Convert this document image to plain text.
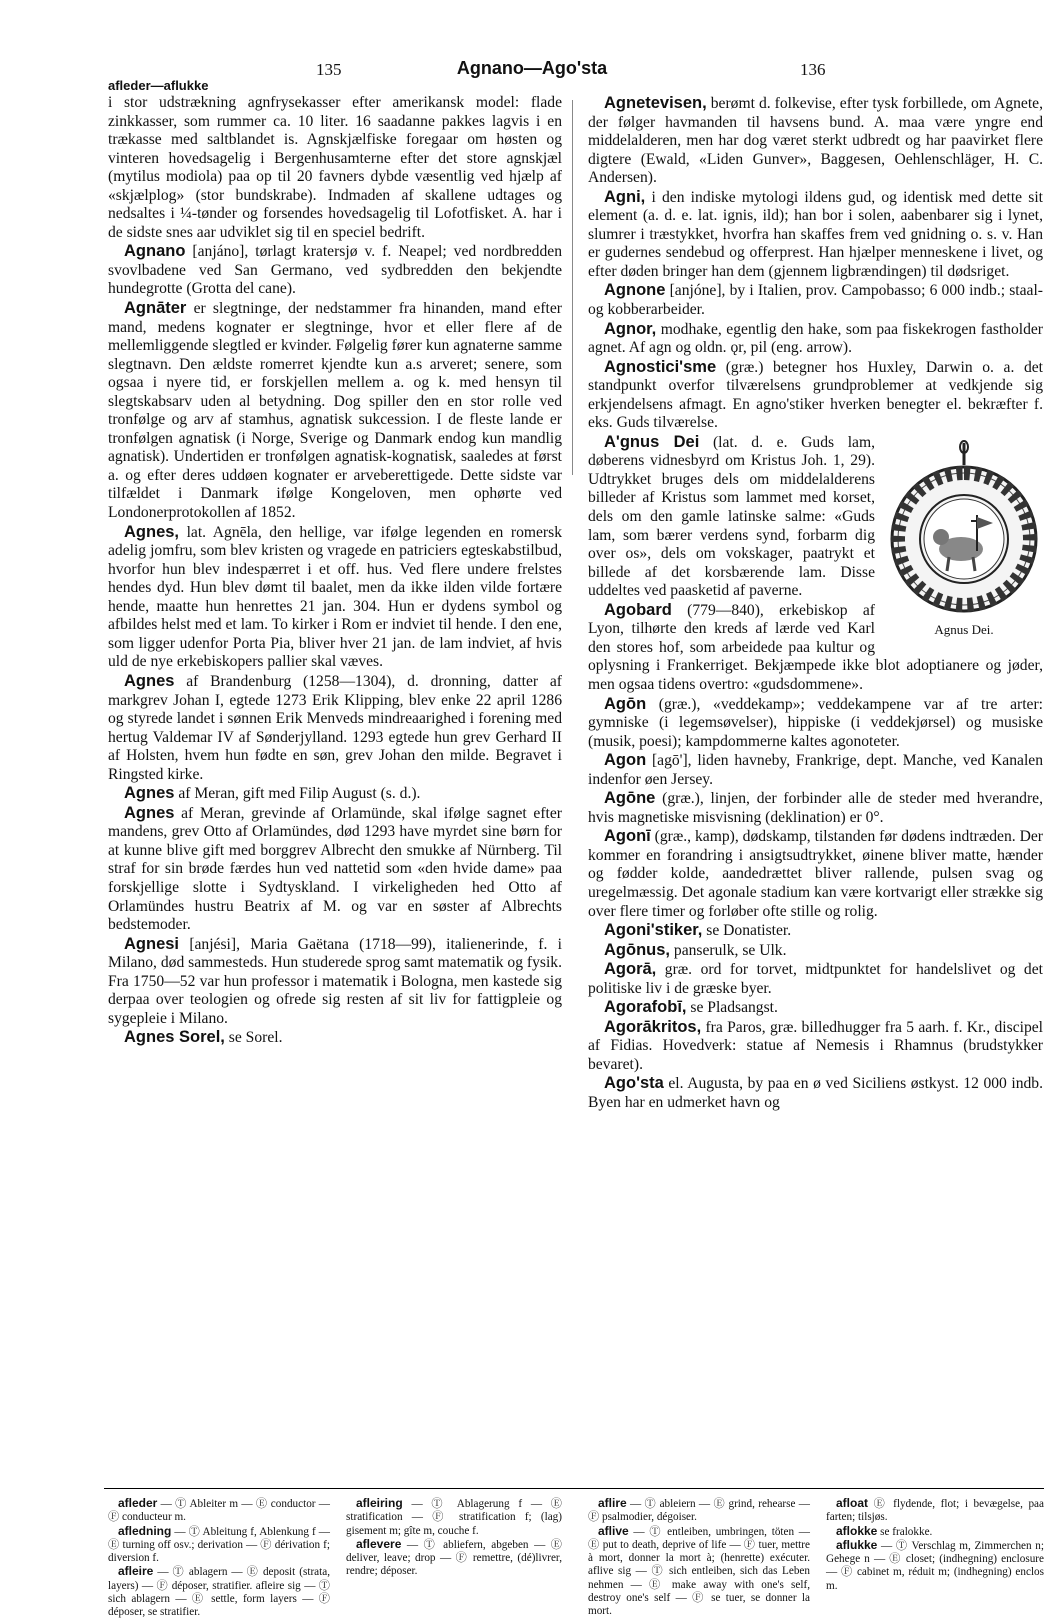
135	Agnano—Ago'sta	136
afleder—aflukke

i stor udstrækning agnfrysekasser efter amerikansk model: flade zinkkasser, som rummer ca. 10 liter. 16 saadanne pakkes lagvis i en trækasse med saltblandet is. Agnskjælfiske foregaar om høsten og vinteren hovedsagelig i Bergenhusamterne efter det store agnskjæl (mytilus modiola) paa op til 20 favners dybde væsentlig ved hjælp af «skjælplog» (stor bundskrabe). Indmaden af skallene udtages og nedsaltes i ¼-tønder og forsendes hovedsagelig til Lofotfisket. A. har i de sidste snes aar udviklet sig til en speciel bedrift.

Agnano [anjáno], tørlagt kratersjø v. f. Neapel; ved nordbredden svovlbadene ved San Germano, ved sydbredden den bekjendte hundegrotte (Grotta del cane).

Agnāter er slegtninge, der nedstammer fra hinanden, mand efter mand, medens kognater er slegtninge, hvor et eller flere af de mellemliggende slegtled er kvinder. Følgelig fører kun agnaterne samme slegtnavn. Den ældste romerret kjendte kun a.s arveret; senere, som ogsaa i nyere tid, er forskjellen mellem a. og k. med hensyn til slegtskabsarv uden al betydning. Dog spiller den en stor rolle ved tronfølge og arv af stamhus, agnatisk sukcession. I de fleste lande er tronfølgen agnatisk (i Norge, Sverige og Danmark endog kun mandlig agnatisk). Undertiden er tronfølgen agnatisk-kognatisk, saaledes at først a. og efter deres uddøen kognater er arveberettigede. Dette sidste var tilfældet i Danmark ifølge Kongeloven, men ophørte ved Londonerprotokollen af 1852.

Agnes, lat. Agnēla, den hellige, var ifølge legenden en romersk adelig jomfru, som blev kristen og vragede en patriciers egteskabstilbud, hvorfor hun blev indespærret i et off. hus. Ved flere undere frelstes hendes dyd. Hun blev dømt til baalet, men da ikke ilden vilde fortære hende, maatte hun henrettes 21 jan. 304. Hun er dydens symbol og afbildes helst med et lam. To kirker i Rom er indviet til hende. I den ene, som ligger udenfor Porta Pia, bliver hver 21 jan. de lam indviet, af hvis uld de nye erkebiskopers pallier skal væves.

Agnes af Brandenburg (1258—1304), d. dronning, datter af markgrev Johan I, egtede 1273 Erik Klipping, blev enke 22 april 1286 og styrede landet i sønnen Erik Menveds mindreaarighed i forening med hertug Valdemar IV af Sønderjylland. 1293 egtede hun grev Gerhard II af Holsten, hvem hun fødte en søn, grev Johan den milde. Begravet i Ringsted kirke.

Agnes af Meran, gift med Filip August (s. d.).

Agnes af Meran, grevinde af Orlamünde, skal ifølge sagnet efter mandens, grev Otto af Orlamündes, død 1293 have myrdet sine børn for at kunne blive gift med borggrev Albrecht den smukke af Nürnberg. Til straf for sin brøde færdes hun ved nattetid som «den hvide dame» paa forskjellige slotte i Sydtyskland. I virkeligheden hed Otto af Orlamündes hustru Beatrix af M. og var en søster af Albrechts bedstemoder.

Agnesi [anjési], Maria Gaëtana (1718—99), italienerinde, f. i Milano, død sammesteds. Hun studerede sprog samt matematik og fysik. Fra 1750—52 var hun professor i matematik i Bologna, men kastede sig derpaa over teologien og ofrede sig resten af sit liv for fattigpleie og sygepleie i Milano.

Agnes Sorel, se Sorel.

Agnetevisen, berømt d. folkevise, efter tysk forbillede, om Agnete, der følger havmanden til havsens bund. A. maa være yngre end middelalderen, men har dog været sterkt udbredt og har paavirket flere digtere (Ewald, «Liden Gunver», Baggesen, Oehlenschläger, H. C. Andersen).

Agni, i den indiske mytologi ildens gud, og identisk med dette sit element (a. d. e. lat. ignis, ild); han bor i solen, aabenbarer sig i lynet, slumrer i træstykket, hvorfra han skaffes frem ved gnidning o. s. v. Han er gudernes sendebud og offerprest. Han hjælper menneskene i livet, og efter døden bringer han dem (gjennem ligbrændingen) til dødsriget.

Agnone [anjóne], by i Italien, prov. Campobasso; 6 000 indb.; staal- og kobberarbeider.

Agnor, modhake, egentlig den hake, som paa fiskekrogen fastholder agnet. Af agn og oldn. ǫr, pil (eng. arrow).

Agnostici'sme (græ.) betegner hos Huxley, Darwin o. a. det standpunkt overfor tilværelsens grundproblemer at vedkjende sig erkjendelsens afmagt. En agno'stiker hverken benegter el. bekræfter f. eks. Guds tilværelse.

Agnus Dei.

A'gnus Dei (lat. d. e. Guds lam, døberens vidnesbyrd om Kristus Joh. 1, 29). Udtrykket bruges dels om middelalderens billeder af Kristus som lammet med korset, dels om den gamle latinske salme: «Guds lam, som bærer verdens synd, forbarm dig over os», dels om vokskager, paatrykt et billede af det korsbærende lam. Disse uddeltes ved paasketid af paverne.

Agobard (779—840), erkebiskop af Lyon, tilhørte den kreds af lærde ved Karl den stores hof, som arbeidede paa kultur og oplysning i Frankerriget. Bekjæmpede ikke blot adoptianere og jøder, men ogsaa tidens overtro: «gudsdommene».

Agōn (græ.), «veddekamp»; veddekampene var af tre arter: gymniske (i legemsøvelser), hippiske (i veddekjørsel) og musiske (musik, poesi); kampdommerne kaltes agonoteter.

Agon [agō'], liden havneby, Frankrige, dept. Manche, ved Kanalen indenfor øen Jersey.

Agōne (græ.), linjen, der forbinder alle de steder med hverandre, hvis magnetiske misvisning (deklination) er 0°.

Agonī (græ., kamp), dødskamp, tilstanden før dødens indtræden. Der kommer en forandring i ansigtsudtrykket, øinene bliver matte, hænder og fødder kolde, aandedrættet bliver rallende, pulsen svag og uregelmæssig. Det agonale stadium kan være kortvarigt eller strække sig over flere timer og forløber ofte stille og rolig.

Agoni'stiker, se Donatister.

Agōnus, panserulk, se Ulk.

Agorā, græ. ord for torvet, midtpunktet for handelslivet og det politiske liv i de græske byer.

Agorafobī, se Pladsangst.

Agorākritos, fra Paros, græ. billedhugger fra 5 aarh. f. Kr., discipel af Fidias. Hovedverk: statue af Nemesis i Rhamnus (brudstykker bevaret).

Ago'sta el. Augusta, by paa en ø ved Siciliens østkyst. 12 000 indb. Byen har en udmerket havn og

afleder — Ⓣ Ableiter m — Ⓔ conductor — Ⓕ conducteur m.

afledning — Ⓣ Ableitung f, Ablenkung f — Ⓔ turning off osv.; derivation — Ⓕ dérivation f; diversion f.

afleire — Ⓣ ablagern — Ⓔ deposit (strata, layers) — Ⓕ déposer, stratifier. afleire sig — Ⓣ sich ablagern — Ⓔ settle, form layers — Ⓕ déposer, se stratifier.

afleiring — Ⓣ Ablagerung f — Ⓔ stratification — Ⓕ stratification f; (lag) gisement m; gîte m, couche f.

aflevere — Ⓣ abliefern, abgeben — Ⓔ deliver, leave; drop — Ⓕ remettre, (dé)livrer, rendre; déposer.

aflire — Ⓣ ableiern — Ⓔ grind, rehearse — Ⓕ psalmodier, dégoiser.

aflive — Ⓣ entleiben, umbringen, töten — Ⓔ put to death, deprive of life — Ⓕ tuer, mettre à mort, donner la mort à; (henrette) exécuter. aflive sig — Ⓣ sich entleiben, sich das Leben nehmen — Ⓔ make away with one's self, destroy one's self — Ⓕ se tuer, se donner la mort.

afloat Ⓔ flydende, flot; i bevægelse, paa farten; tilsjøs.

aflokke se fralokke.

aflukke — Ⓣ Verschlag m, Zimmerchen n; Gehege n — Ⓔ closet; (indhegning) enclosure — Ⓕ cabinet m, réduit m; (indhegning) enclos m.
